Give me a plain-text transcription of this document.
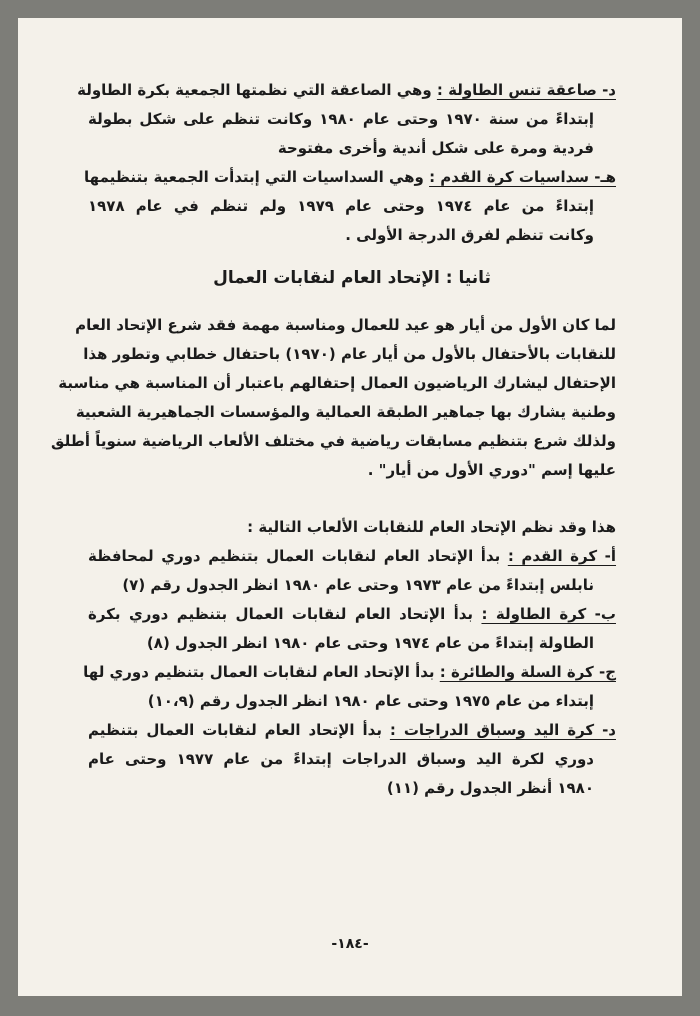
د- صاعقة تنس الطاولة : وهي الصاعقة التي نظمتها الجمعية بكرة الطاولة
إبتداءً من سنة ١٩٧٠ وحتى عام ١٩٨٠ وكانت تنظم على شكل بطولة
فردية ومرة على شكل أندية وأخرى مفتوحة
هـ- سداسيات كرة القدم : وهي السداسيات التي إبتدأت الجمعية بتنظيمها
إبتداءً من عام ١٩٧٤ وحتى عام ١٩٧٩ ولم تنظم في عام ١٩٧٨
وكانت تنظم لفرق الدرجة الأولى .
ثانيا : الإتحاد العام لنقابات العمال
لما كان الأول من أيار هو عيد للعمال ومناسبة مهمة فقد شرع الإتحاد العام
للنقابات بالأحتفال بالأول من أيار عام (١٩٧٠) باحتفال خطابي وتطور هذا
الإحتفال ليشارك الرياضيون العمال إحتفالهم باعتبار أن المناسبة هي مناسبة
وطنية يشارك بها جماهير الطبقة العمالية والمؤسسات الجماهيرية الشعبية
ولذلك شرع بتنظيم مسابقات رياضية في مختلف الألعاب الرياضية سنوياً أطلق
عليها إسم "دوري الأول من أيار" .
هذا وقد نظم الإتحاد العام للنقابات الألعاب التالية :
أ- كرة القدم : بدأ الإتحاد العام لنقابات العمال بتنظيم دوري لمحافظة
نابلس إبتداءً من عام ١٩٧٣ وحتى عام ١٩٨٠ انظر الجدول رقم (٧)
ب- كرة الطاولة : بدأ الإتحاد العام لنقابات العمال بتنظيم دوري بكرة
الطاولة إبتداءً من عام ١٩٧٤ وحتى عام ١٩٨٠ انظر الجدول (٨)
ج- كرة السلة والطائرة : بدأ الإتحاد العام لنقابات العمال بتنظيم دوري لها
إبتداء من عام ١٩٧٥ وحتى عام ١٩٨٠ انظر الجدول رقم (١٠،٩)
د- كرة اليد وسباق الدراجات : بدأ الإتحاد العام لنقابات العمال بتنظيم
دوري لكرة اليد وسباق الدراجات إبتداءً من عام ١٩٧٧ وحتى عام
١٩٨٠ أنظر الجدول رقم (١١)
-١٨٤-
